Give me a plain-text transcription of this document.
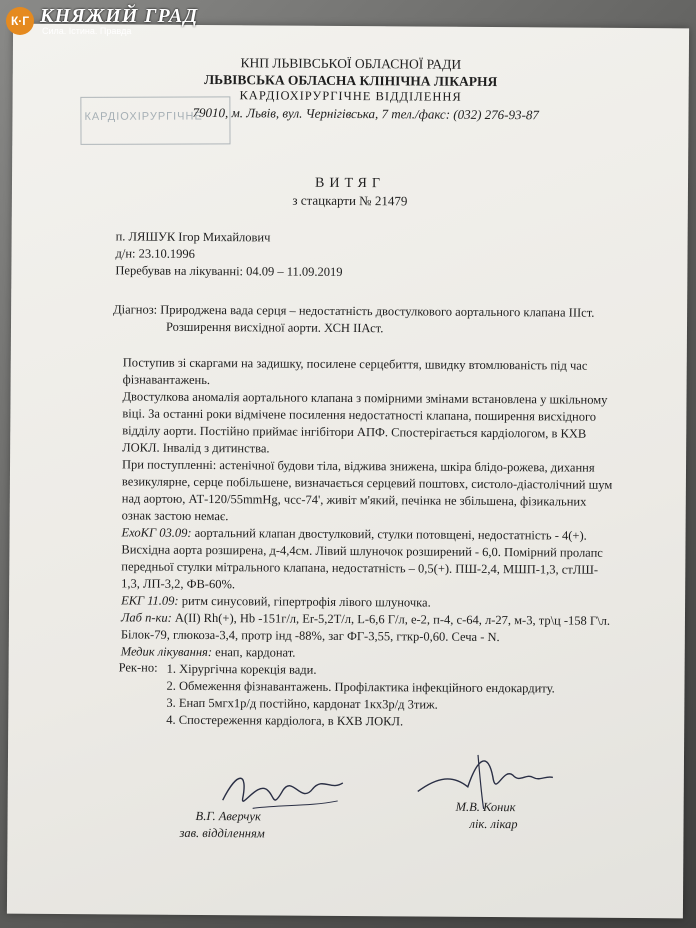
К·Г КНЯЖИЙ ГРАД
Сила. Істина. Правда
КНП ЛЬВІВСЬКОЇ ОБЛАСНОЇ РАДИ
ЛЬВІВСЬКА ОБЛАСНА КЛІНІЧНА ЛІКАРНЯ
КАРДІОХІРУРГІЧНЕ ВІДДІЛЕННЯ
КАРДІОХІРУРГІЧНЕ
79010, м. Львів, вул. Чернігівська, 7 тел./факс: (032) 276-93-87
ВИТЯГ
з стацкарти № 21479
п. ЛЯШУК Ігор Михайлович
д/н: 23.10.1996
Перебував на лікуванні: 04.09 – 11.09.2019
Діагноз: Природжена вада серця – недостатність двостулкового аортального клапана IIIст.
Розширення висхідної аорти. ХСН IIАст.
Поступив зі скаргами на задишку, посилене серцебиття, швидку втомлюваність під час
фізнавантажень.
Двостулкова аномалія аортального клапана з помірними змінами встановлена у шкільному
віці. За останні роки відмічене посилення недостатності клапана, поширення висхідного
відділу аорти. Постійно приймає інгібітори АПФ. Спостерігається кардіологом, в КХВ
ЛОКЛ. Інвалід з дитинства.
При поступленні: астенічної будови тіла, віджива знижена, шкіра блідо-рожева, дихання
везикулярне, серце побільшене, визначається серцевий поштовх, систоло-діастолічний шум
над аортою, АТ-120/55mmHg, чсс-74', живіт м'який, печінка не збільшена, фізикальних
ознак застою немає.
ЕхоКГ 03.09: аортальний клапан двостулковий, стулки потовщені, недостатність - 4(+).
Висхідна аорта розширена, д-4,4см. Лівий шлуночок розширений - 6,0. Помірний пролапс
передньої стулки мітрального клапана, недостатність – 0,5(+). ПШ-2,4, МШП-1,3, стЛШ-
1,3, ЛП-3,2, ФВ-60%.
ЕКГ 11.09: ритм синусовий, гіпертрофія лівого шлуночка.
Лаб п-ки: A(II) Rh(+), Hb -151г/л, Er-5,2Т/л, L-6,6 Г/л, е-2, п-4, с-64, л-27, м-3, тр\ц -158 Г\л.
Білок-79, глюкоза-3,4, протр інд -88%, заг ФГ-3,55, гткр-0,60. Сеча - N.
Медик лікування: енап, кардонат.
Рек-но: 1. Хірургічна корекція вади.
2. Обмеження фізнавантажень. Профілактика інфекційного ендокардиту.
3. Енап 5мгх1р/д постійно, кардонат 1кх3р/д 3тиж.
4. Спостереження кардіолога, в КХВ ЛОКЛ.
В.Г. Аверчук
зав. відділенням
М.В. Коник
лік. лікар
